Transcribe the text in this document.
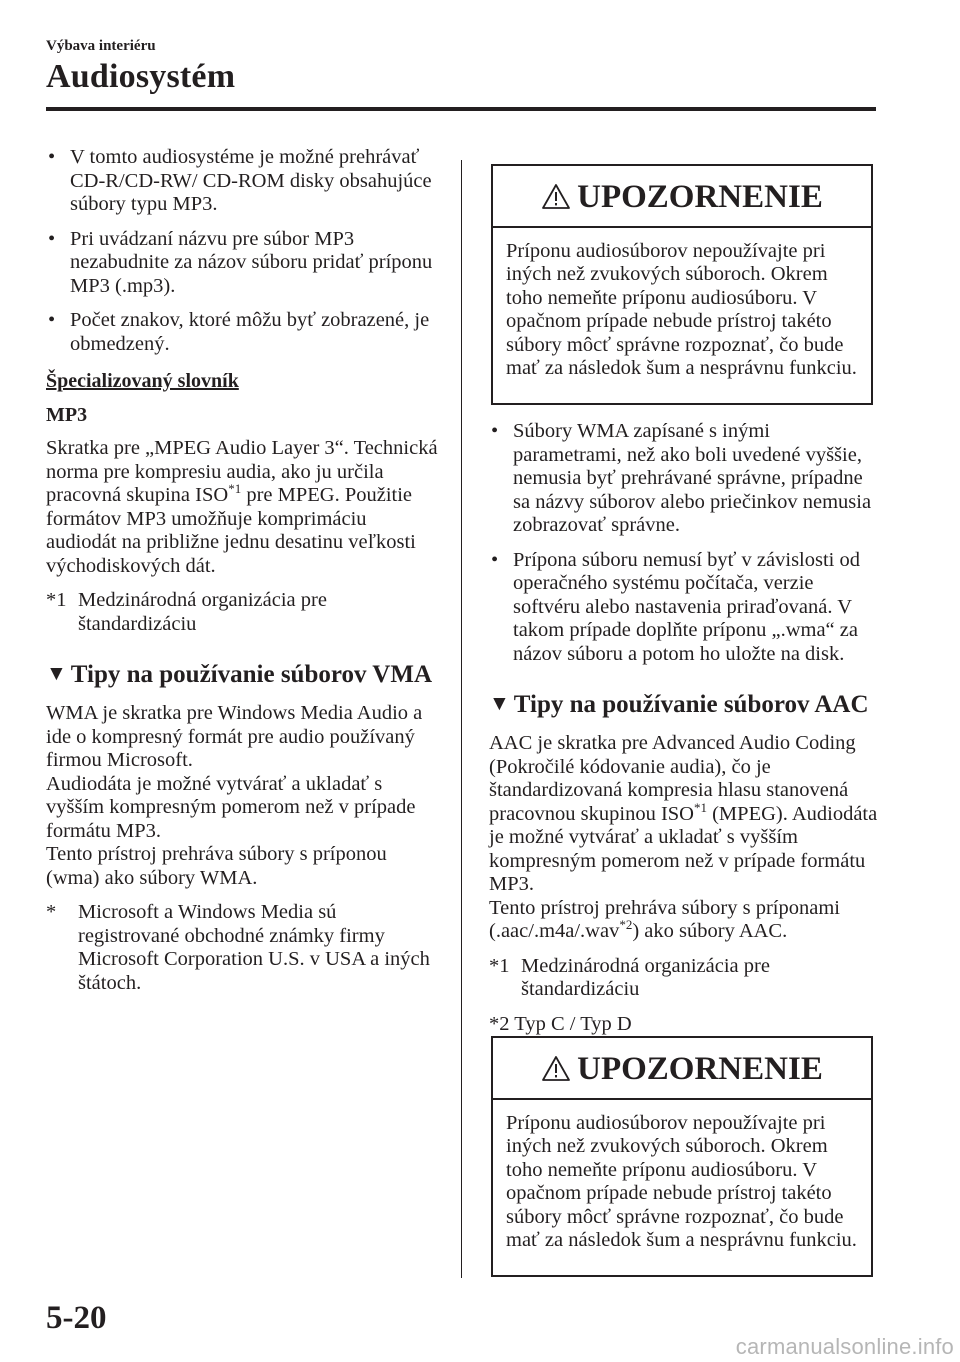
Výbava interiéru
Audiosystém
• V tomto audiosystéme je možné prehrávať CD-R/CD-RW/ CD-ROM disky obsahujúce súbory typu MP3.
• Pri uvádzaní názvu pre súbor MP3 nezabudnite za názov súboru pridať príponu MP3 (.mp3).
• Počet znakov, ktoré môžu byť zobrazené, je obmedzený.
Špecializovaný slovník
MP3
Skratka pre „MPEG Audio Layer 3“. Technická norma pre kompresiu audia, ako ju určila pracovná skupina ISO$^{*1}$ pre MPEG. Použitie formátov MP3 umožňuje komprimáciu audiodát na približne jednu desatinu veľkosti východiskových dát.
*1 Medzinárodná organizácia pre štandardizáciu
▼ Tipy na používanie súborov VMA
WMA je skratka pre Windows Media Audio a ide o kompresný formát pre audio používaný firmou Microsoft.
Audiodáta je možné vytvárať a ukladať s vyšším kompresným pomerom než v prípade formátu MP3.
Tento prístroj prehráva súbory s príponou (wma) ako súbory WMA.
* Microsoft a Windows Media sú registrované obchodné známky firmy Microsoft Corporation U.S. v USA a iných štátoch.
UPOZORNENIE
Príponu audiosúborov nepoužívajte pri iných než zvukových súboroch. Okrem toho nemeňte príponu audiosúboru. V opačnom prípade nebude prístroj takéto súbory môcť správne rozpoznať, čo bude mať za následok šum a nesprávnu funkciu.
• Súbory WMA zapísané s inými parametrami, než ako boli uvedené vyššie, nemusia byť prehrávané správne, prípadne sa názvy súborov alebo priečinkov nemusia zobrazovať správne.
• Prípona súboru nemusí byť v závislosti od operačného systému počítača, verzie softvéru alebo nastavenia priraďovaná. V takom prípade doplňte príponu „.wma“ za názov súboru a potom ho uložte na disk.
▼ Tipy na používanie súborov AAC
AAC je skratka pre Advanced Audio Coding (Pokročilé kódovanie audia), čo je štandardizovaná kompresia hlasu stanovená pracovnou skupinou ISO$^{*1}$ (MPEG). Audiodáta je možné vytvárať a ukladať s vyšším kompresným pomerom než v prípade formátu MP3.
Tento prístroj prehráva súbory s príponami (.aac/.m4a/.wav$^{*2}$) ako súbory AAC.
*1 Medzinárodná organizácia pre štandardizáciu
*2 Typ C / Typ D
UPOZORNENIE
Príponu audiosúborov nepoužívajte pri iných než zvukových súboroch. Okrem toho nemeňte príponu audiosúboru. V opačnom prípade nebude prístroj takéto súbory môcť správne rozpoznať, čo bude mať za následok šum a nesprávnu funkciu.
5-20
carmanualsonline.info
